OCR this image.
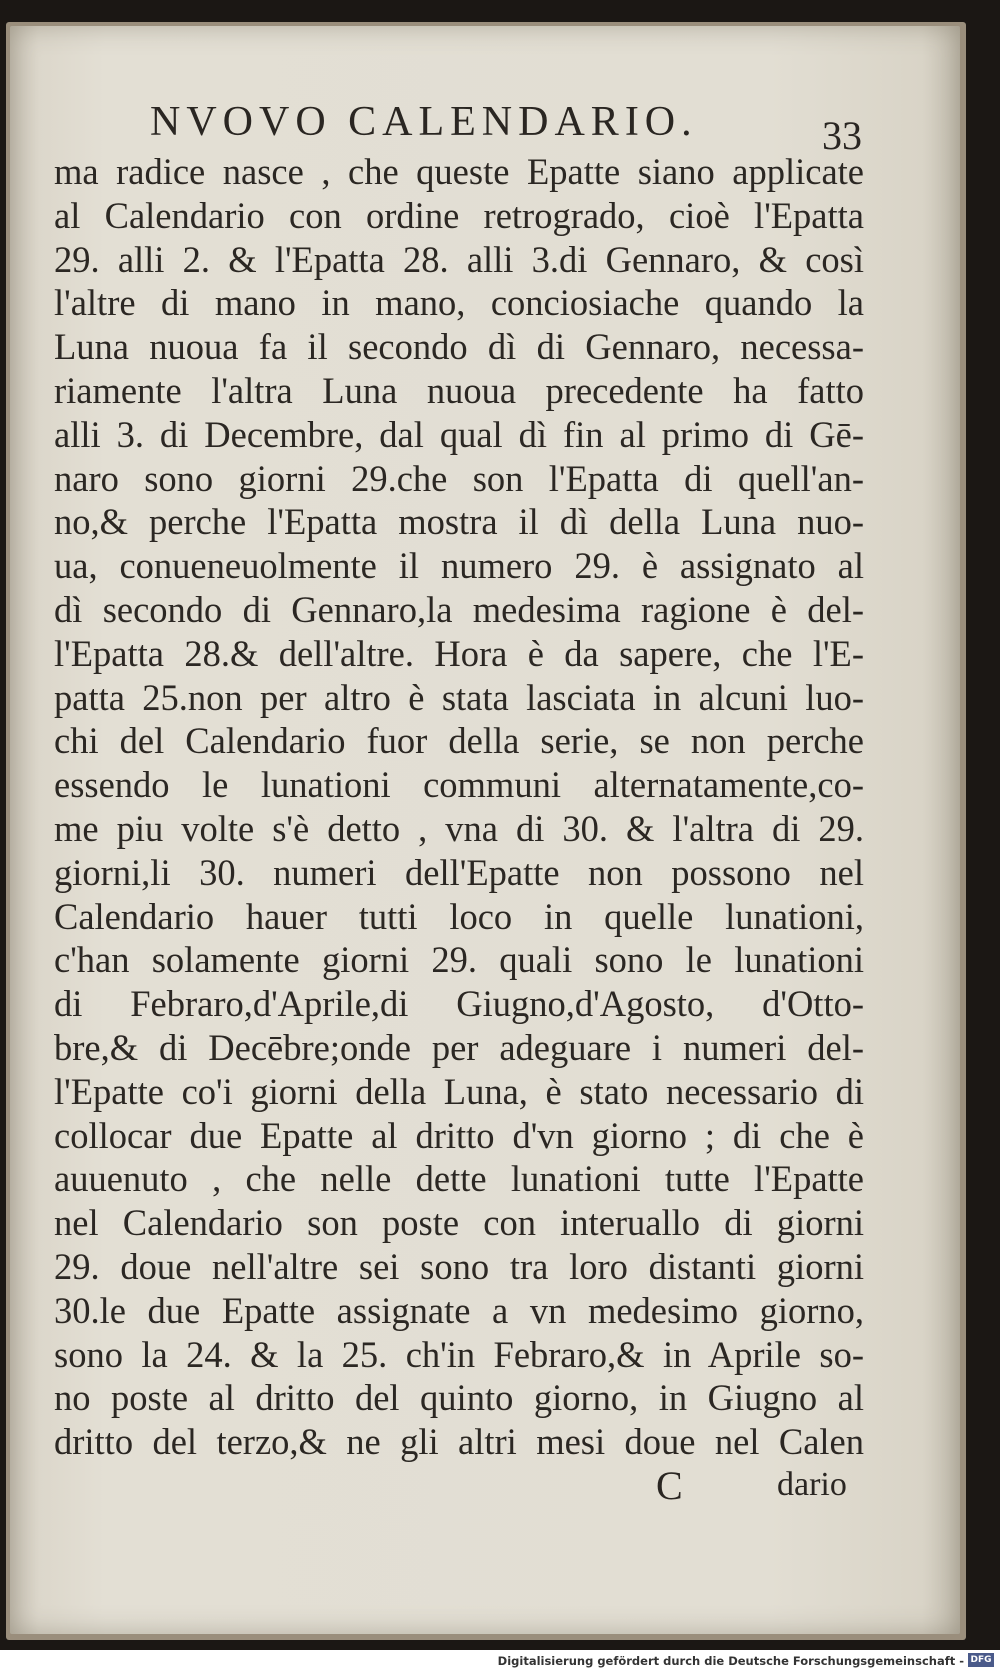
NVOVO CALENDARIO.	33
ma radice nasce , che queste Epatte siano applicate
al Calendario con ordine retrogrado, cioè l'Epatta
29. alli 2. & l'Epatta 28. alli 3.di Gennaro, & così
l'altre di mano in mano, conciosiache quando la
Luna nuoua fa il secondo dì di Gennaro, necessa-
riamente l'altra Luna nuoua precedente ha fatto
alli 3. di Decembre, dal qual dì fin al primo di Gē-
naro sono giorni 29.che son l'Epatta di quell'an-
no,& perche l'Epatta mostra il dì della Luna nuo-
ua, conueneuolmente il numero 29. è assignato al
dì secondo di Gennaro,la medesima ragione è del-
l'Epatta 28.& dell'altre. Hora è da sapere, che l'E-
patta 25.non per altro è stata lasciata in alcuni luo-
chi del Calendario fuor della serie, se non perche
essendo le lunationi communi alternatamente,co-
me piu volte s'è detto , vna di 30. & l'altra di 29.
giorni,li 30. numeri dell'Epatte non possono nel
Calendario hauer tutti loco in quelle lunationi,
c'han solamente giorni 29. quali sono le lunationi
di Febraro,d'Aprile,di Giugno,d'Agosto, d'Otto-
bre,& di Decēbre;onde per adeguare i numeri del-
l'Epatte co'i giorni della Luna, è stato necessario di
collocar due Epatte al dritto d'vn giorno ; di che è
auuenuto , che nelle dette lunationi tutte l'Epatte
nel Calendario son poste con interuallo di giorni
29. doue nell'altre sei sono tra loro distanti giorni
30.le due Epatte assignate a vn medesimo giorno,
sono la 24. & la 25. ch'in Febraro,& in Aprile so-
no poste al dritto del quinto giorno, in Giugno al
dritto del terzo,& ne gli altri mesi doue nel Calen
C	dario
Digitalisierung gefördert durch die Deutsche Forschungsgemeinschaft - DFG
